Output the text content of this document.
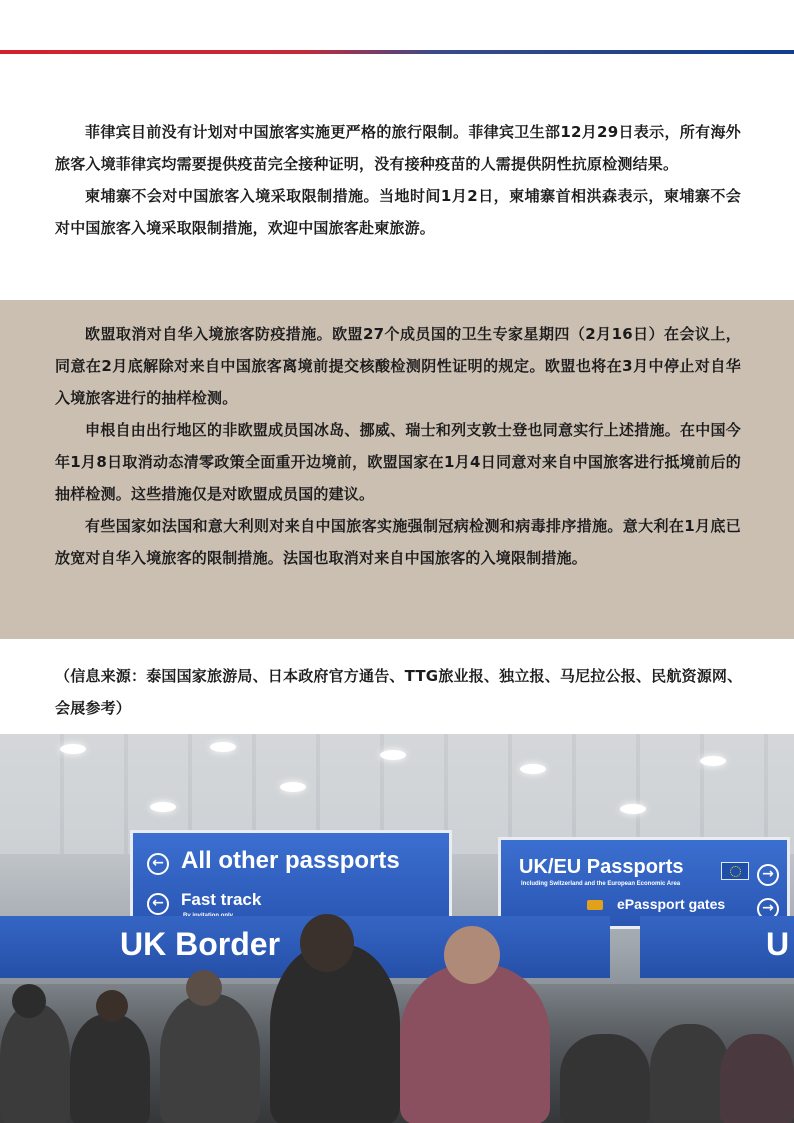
菲律宾目前没有计划对中国旅客实施更严格的旅行限制。菲律宾卫生部12月29日表示，所有海外旅客入境菲律宾均需要提供疫苗完全接种证明，没有接种疫苗的人需提供阴性抗原检测结果。

柬埔寨不会对中国旅客入境采取限制措施。当地时间1月2日，柬埔寨首相洪森表示，柬埔寨不会对中国旅客入境采取限制措施，欢迎中国旅客赴柬旅游。

欧盟取消对自华入境旅客防疫措施。欧盟27个成员国的卫生专家星期四（2月16日）在会议上，同意在2月底解除对来自中国旅客离境前提交核酸检测阴性证明的规定。欧盟也将在3月中停止对自华入境旅客进行的抽样检测。

申根自由出行地区的非欧盟成员国冰岛、挪威、瑞士和列支敦士登也同意实行上述措施。在中国今年1月8日取消动态清零政策全面重开边境前，欧盟国家在1月4日同意对来自中国旅客进行抵境前后的抽样检测。这些措施仅是对欧盟成员国的建议。

有些国家如法国和意大利则对来自中国旅客实施强制冠病检测和病毒排序措施。意大利在1月底已放宽对自华入境旅客的限制措施。法国也取消对来自中国旅客的入境限制措施。

（信息来源：泰国国家旅游局、日本政府官方通告、TTG旅业报、独立报、马尼拉公报、民航资源网、会展参考）

← All other passports
←	Fast track
UK/EU Passports	→
Including Switzerland and the European Economic Area
ePassport gates	→
UK Border	U
